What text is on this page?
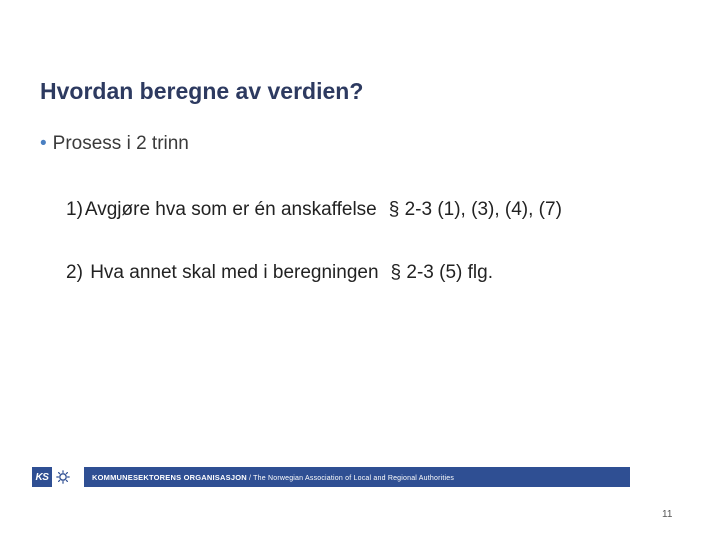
Hvordan beregne av verdien?
• Prosess i 2 trinn
1) Avgjøre hva som er én anskaffelse § 2-3 (1), (3), (4), (7)
2) Hva annet skal med i beregningen § 2-3 (5) flg.
KS	KOMMUNESEKTORENS ORGANISASJON / The Norwegian Association of Local and Regional Authorities
11
